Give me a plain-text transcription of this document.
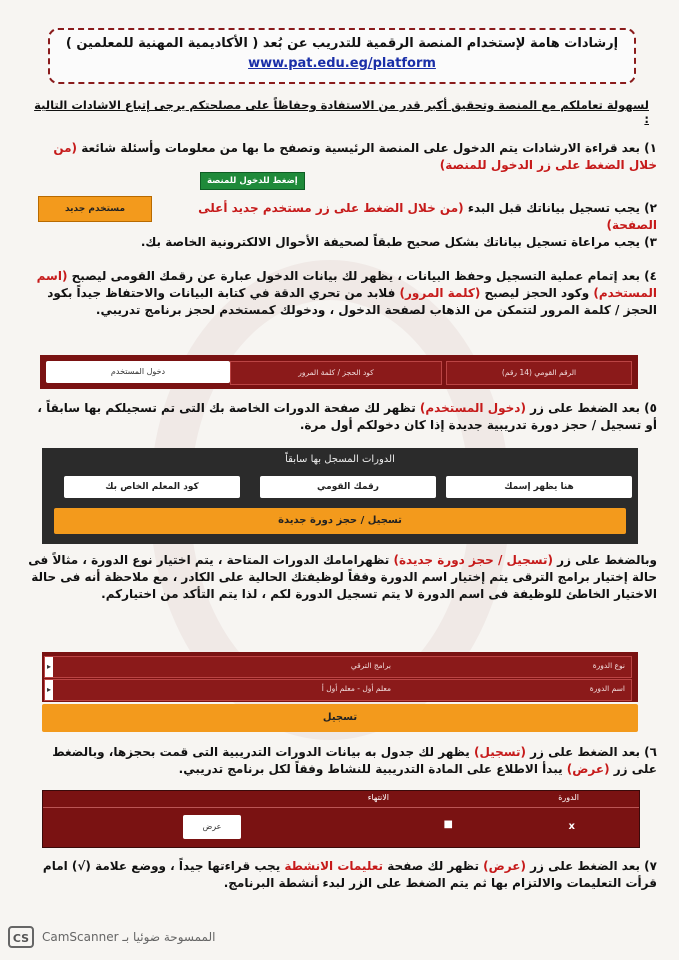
إرشادات هامة لإستخدام المنصة الرقمية للتدريب عن بُعد ( الأكاديمية المهنية للمعلمين )
www.pat.edu.eg/platform
لسهولة تعاملكم مع المنصة وتحقيق أكبر قدر من الاستفادة وحفاظاً على مصلحتكم يرجى إتباع الاشادات التالية :
١) بعد قراءة الارشادات يتم الدخول على المنصة الرئيسية وتصفح ما بها من معلومات وأسئلة شائعة (من خلال الضغط على زر الدخول للمنصة)
إضغط للدخول للمنصة
مستخدم جديد	٢) يجب تسجيل بياناتك قبل البدء (من خلال الضغط على زر مستخدم جديد أعلى الصفحة)
٣) يجب مراعاة تسجيل بياناتك بشكل صحيح طبقاً لصحيفة الأحوال الالكترونية الخاصة بك.
٤) بعد إتمام عملية التسجيل وحفظ البيانات ، يظهر لك بيانات الدخول عبارة عن رقمك القومى ليصبح (اسم المستخدم) وكود الحجز ليصبح (كلمة المرور) فلابد من تحري الدقة في كتابة البيانات والاحتفاظ جيداً بكود الحجز / كلمة المرور لتتمكن من الذهاب لصفحة الدخول ، ودخولك كمستخدم لحجز برنامج تدريبي.
الرقم القومي (14 رقم)
كود الحجز / كلمة المرور
دخول المستخدم
٥) بعد الضغط على زر (دخول المستخدم) تظهر لك صفحة الدورات الخاصة بك التى تم تسجيلكم بها سابقاً ، أو تسجيل / حجز دورة تدريبية جديدة إذا كان دخولكم أول مرة.
الدورات المسجل بها سابقاً
هنا يظهر إسمك
رقمك القومي
كود المعلم الخاص بك
تسجيل / حجز دورة جديدة
وبالضغط على زر (تسجيل / حجز دورة جديدة) تظهرامامك الدورات المتاحة ، يتم اختيار نوع الدورة ، مثالاً فى حالة إختيار برامج الترقى يتم إختيار اسم الدورة وفقاً لوظيفتك الحالية على الكادر ، مع ملاحظة أنه فى حالة الاختيار الخاطئ للوظيفة فى اسم الدورة لا يتم تسجيل الدورة لكم ، لذا يتم التأكد من اختياركم.
نوع الدورة
برامج الترقي
▸
اسم الدورة
معلم أول - معلم أول أ
▸
تسجيل
٦) بعد الضغط على زر (تسجيل) يظهر لك جدول به بيانات الدورات التدريبية التى قمت بحجزها، وبالضغط على زر (عرض) يبدأ الاطلاع على المادة التدريبية للنشاط وفقاً لكل برنامج تدريبي.
الدورة
الانتهاء
x
■
عرض
٧) بعد الضغط على زر (عرض) تظهر لك صفحة تعليمات الانشطة يجب قراءتها جيداً ، ووضع علامة (√) امام قرأت التعليمات والالتزام بها ثم يتم الضغط على الزر لبدء أنشطة البرنامج.
CS	الممسوحة ضوئيا بـ CamScanner
